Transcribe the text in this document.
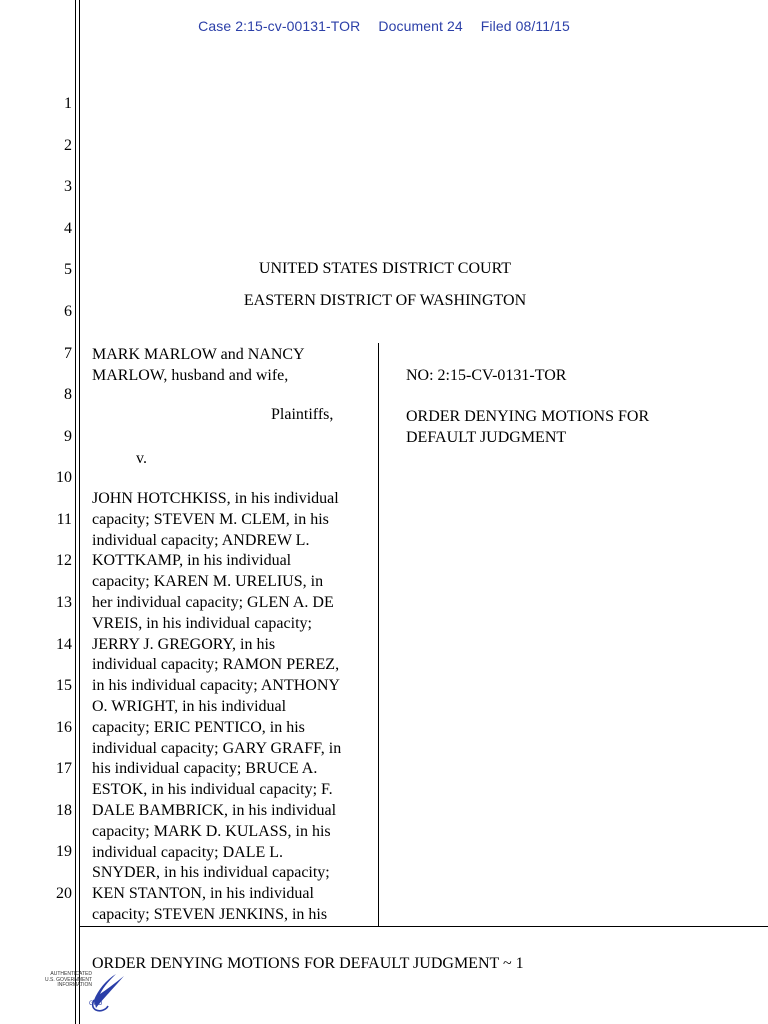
Case 2:15-cv-00131-TOR Document 24 Filed 08/11/15
1
2
3
4
5
6
7
8
9
10
11
12
13
14
15
16
17
18
19
20
UNITED STATES DISTRICT COURT
EASTERN DISTRICT OF WASHINGTON
MARK MARLOW and NANCY
MARLOW, husband and wife,
Plaintiffs,
v.
JOHN HOTCHKISS, in his individual
capacity; STEVEN M. CLEM, in his
individual capacity; ANDREW L.
KOTTKAMP, in his individual
capacity; KAREN M. URELIUS, in
her individual capacity; GLEN A. DE
VREIS, in his individual capacity;
JERRY J. GREGORY, in his
individual capacity; RAMON PEREZ,
in his individual capacity; ANTHONY
O. WRIGHT, in his individual
capacity; ERIC PENTICO, in his
individual capacity; GARY GRAFF, in
his individual capacity; BRUCE A.
ESTOK, in his individual capacity; F.
DALE BAMBRICK, in his individual
capacity; MARK D. KULASS, in his
individual capacity; DALE L.
SNYDER, in his individual capacity;
KEN STANTON, in his individual
capacity; STEVEN JENKINS, in his
NO: 2:15-CV-0131-TOR
ORDER DENYING MOTIONS FOR
DEFAULT JUDGMENT
ORDER DENYING MOTIONS FOR DEFAULT JUDGMENT ~ 1
AUTHENTICATED
U.S. GOVERNMENT
INFORMATION
GPO
